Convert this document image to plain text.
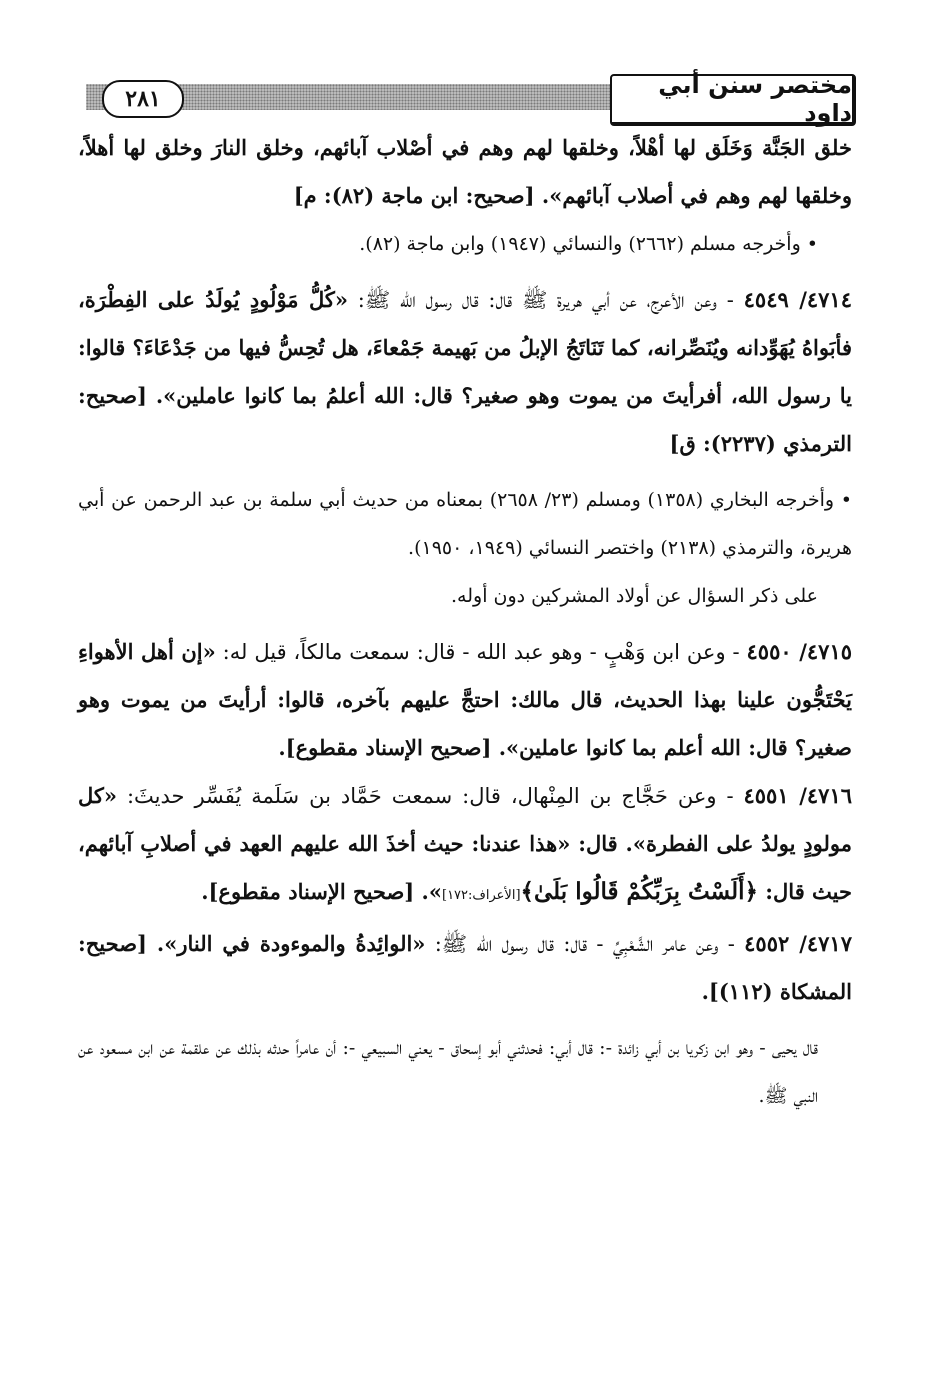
٢٨١	مختصر سنن أبي داود

خلق الجَنَّة وَخَلَق لها أهْلاً، وخلقها لهم وهم في أصْلاب آبائهم، وخلق النارَ وخلق لها أهلاً، وخلقها لهم وهم في أصلاب آبائهم». [صحيح: ابن ماجة (٨٢): م]

• وأخرجه مسلم (٢٦٦٢) والنسائي (١٩٤٧) وابن ماجة (٨٢).

٤٧١٤/ ٤٥٤٩ - وعن الأعرج، عن أبي هريرة ﷺ قال: قال رسول الله ﷺ: «كُلُّ مَوْلُودٍ يُولَدُ على الفِطْرَة، فأبَواهُ يُهَوِّدانه ويُنَصِّرانه، كما تَنَاتَجُ الإبلُ من بَهيمة جَمْعاءَ، هل تُحِسُّ فيها من جَدْعَاءَ؟ قالوا: يا رسول الله، أفرأيتَ من يموت وهو صغير؟ قال: الله أعلمُ بما كانوا عاملين». [صحيح: الترمذي (٢٢٣٧): ق]

• وأخرجه البخاري (١٣٥٨) ومسلم (٢٣/ ٢٦٥٨) بمعناه من حديث أبي سلمة بن عبد الرحمن عن أبي هريرة، والترمذي (٢١٣٨) واختصر النسائي (١٩٤٩، ١٩٥٠).

على ذكر السؤال عن أولاد المشركين دون أوله.

٤٧١٥/ ٤٥٥٠ - وعن ابن وَهْبٍ - وهو عبد الله - قال: سمعت مالكاً، قيل له: «إن أهل الأهواءِ يَحْتَجُّون علينا بهذا الحديث، قال مالك: احتجَّ عليهم بآخره، قالوا: أرأيتَ من يموت وهو صغير؟ قال: الله أعلم بما كانوا عاملين». [صحيح الإسناد مقطوع].

٤٧١٦/ ٤٥٥١ - وعن حَجَّاج بن المِنْهال، قال: سمعت حَمَّاد بن سَلَمة يُفَسِّر حديثَ: «كل مولودٍ يولدُ على الفطرة». قال: «هذا عندنا: حيث أخذَ الله عليهم العهد في أصلابِ آبائهم، حيث قال: ﴿أَلَسْتُ بِرَبِّكُمْ قَالُوا بَلَىٰ﴾[الأعراف:١٧٢]». [صحيح الإسناد مقطوع].

٤٧١٧/ ٤٥٥٢ - وعن عامر الشَّعْبِيِّ - قال: قال رسول الله ﷺ: «الوائِدةُ والموءودة في النار». [صحيح: المشكاة (١١٢)].

قال يحيى - وهو ابن زكريا بن أبي زائدة -: قال أبي: فحدثني أبو إسحاق - يعني السبيعي -: أن عامراً حدثه بذلك عن علقمة عن ابن مسعود عن النبي ﷺ.
